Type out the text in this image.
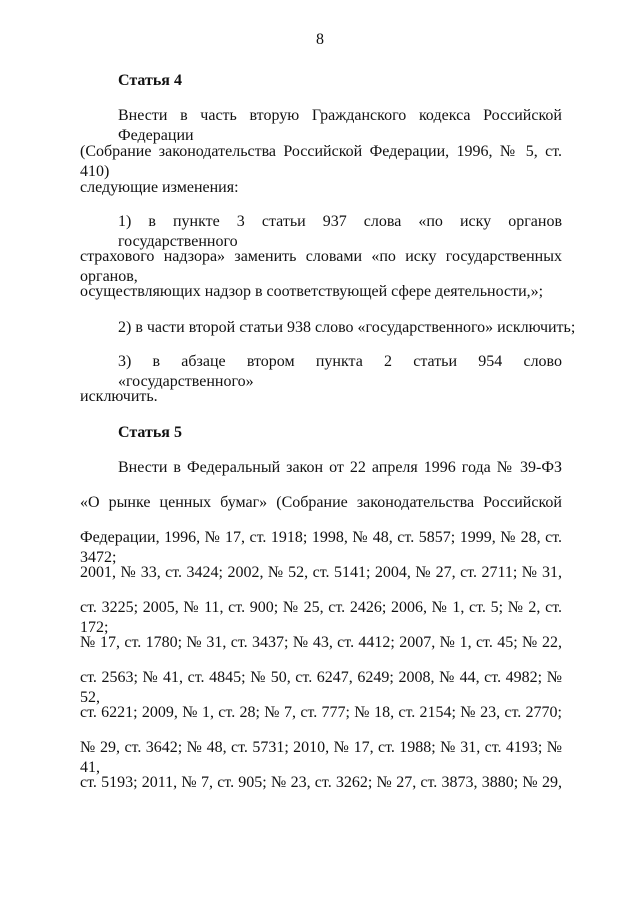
8
Статья 4
Внести в часть вторую Гражданского кодекса Российской Федерации
(Собрание законодательства Российской Федерации, 1996, № 5, ст. 410)
следующие изменения:
1) в пункте 3 статьи 937 слова «по иску органов государственного
страхового надзора» заменить словами «по иску государственных органов,
осуществляющих надзор в соответствующей сфере деятельности,»;
2) в части второй статьи 938 слово «государственного» исключить;
3) в абзаце втором пункта 2 статьи 954 слово «государственного»
исключить.
Статья 5
Внести в Федеральный закон от 22 апреля 1996 года № 39-ФЗ
«О рынке ценных бумаг» (Собрание законодательства Российской
Федерации, 1996, № 17, ст. 1918; 1998, № 48, ст. 5857; 1999, № 28, ст. 3472;
2001, № 33, ст. 3424; 2002, № 52, ст. 5141; 2004, № 27, ст. 2711; № 31,
ст. 3225; 2005, № 11, ст. 900; № 25, ст. 2426; 2006, № 1, ст. 5; № 2, ст. 172;
№ 17, ст. 1780; № 31, ст. 3437; № 43, ст. 4412; 2007, № 1, ст. 45; № 22,
ст. 2563; № 41, ст. 4845; № 50, ст. 6247, 6249; 2008, № 44, ст. 4982; № 52,
ст. 6221; 2009, № 1, ст. 28; № 7, ст. 777; № 18, ст. 2154; № 23, ст. 2770;
№ 29, ст. 3642; № 48, ст. 5731; 2010, № 17, ст. 1988; № 31, ст. 4193; № 41,
ст. 5193; 2011, № 7, ст. 905; № 23, ст. 3262; № 27, ст. 3873, 3880; № 29,
